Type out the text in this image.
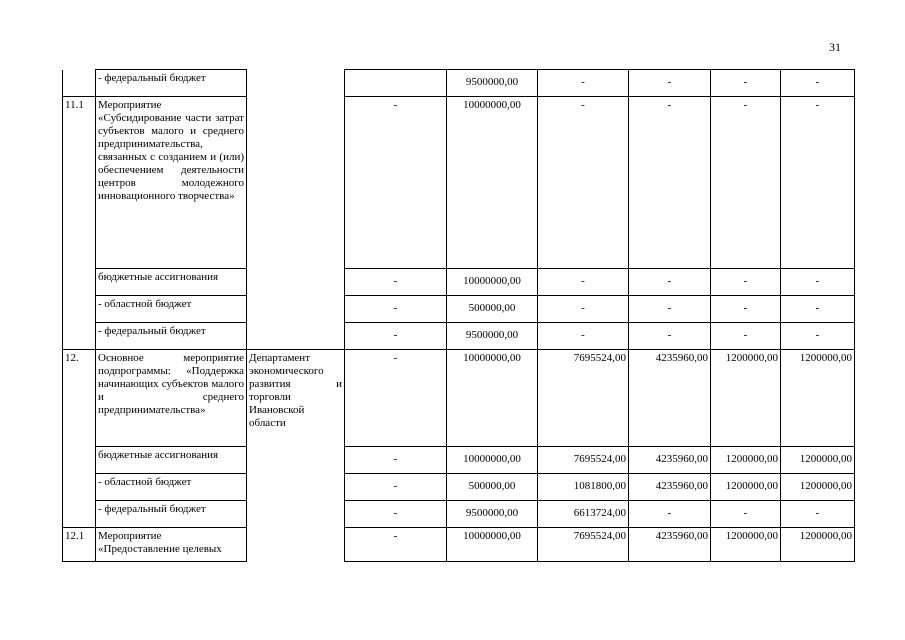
31
	- федеральный бюджет			9500000,00	-	-	-	-
11.1	Мероприятие «Субсидирование части затрат субъектов малого и среднего предпринимательства, связанных с созданием и (или) обеспечением деятельности центров молодежного инновационного творчества»		-	10000000,00	-	-	-	-
	бюджетные ассигнования		-	10000000,00	-	-	-	-
	- областной бюджет		-	500000,00	-	-	-	-
	- федеральный бюджет		-	9500000,00	-	-	-	-
12.	Основное мероприятие подпрограммы: «Поддержка начинающих субъектов малого и среднего предпринимательства»	Департамент экономического развития и торговли Ивановской области	-	10000000,00	7695524,00	4235960,00	1200000,00	1200000,00
	бюджетные ассигнования		-	10000000,00	7695524,00	4235960,00	1200000,00	1200000,00
	- областной бюджет		-	500000,00	1081800,00	4235960,00	1200000,00	1200000,00
	- федеральный бюджет		-	9500000,00	6613724,00	-	-	-
12.1	Мероприятие «Предоставление целевых		-	10000000,00	7695524,00	4235960,00	1200000,00	1200000,00
